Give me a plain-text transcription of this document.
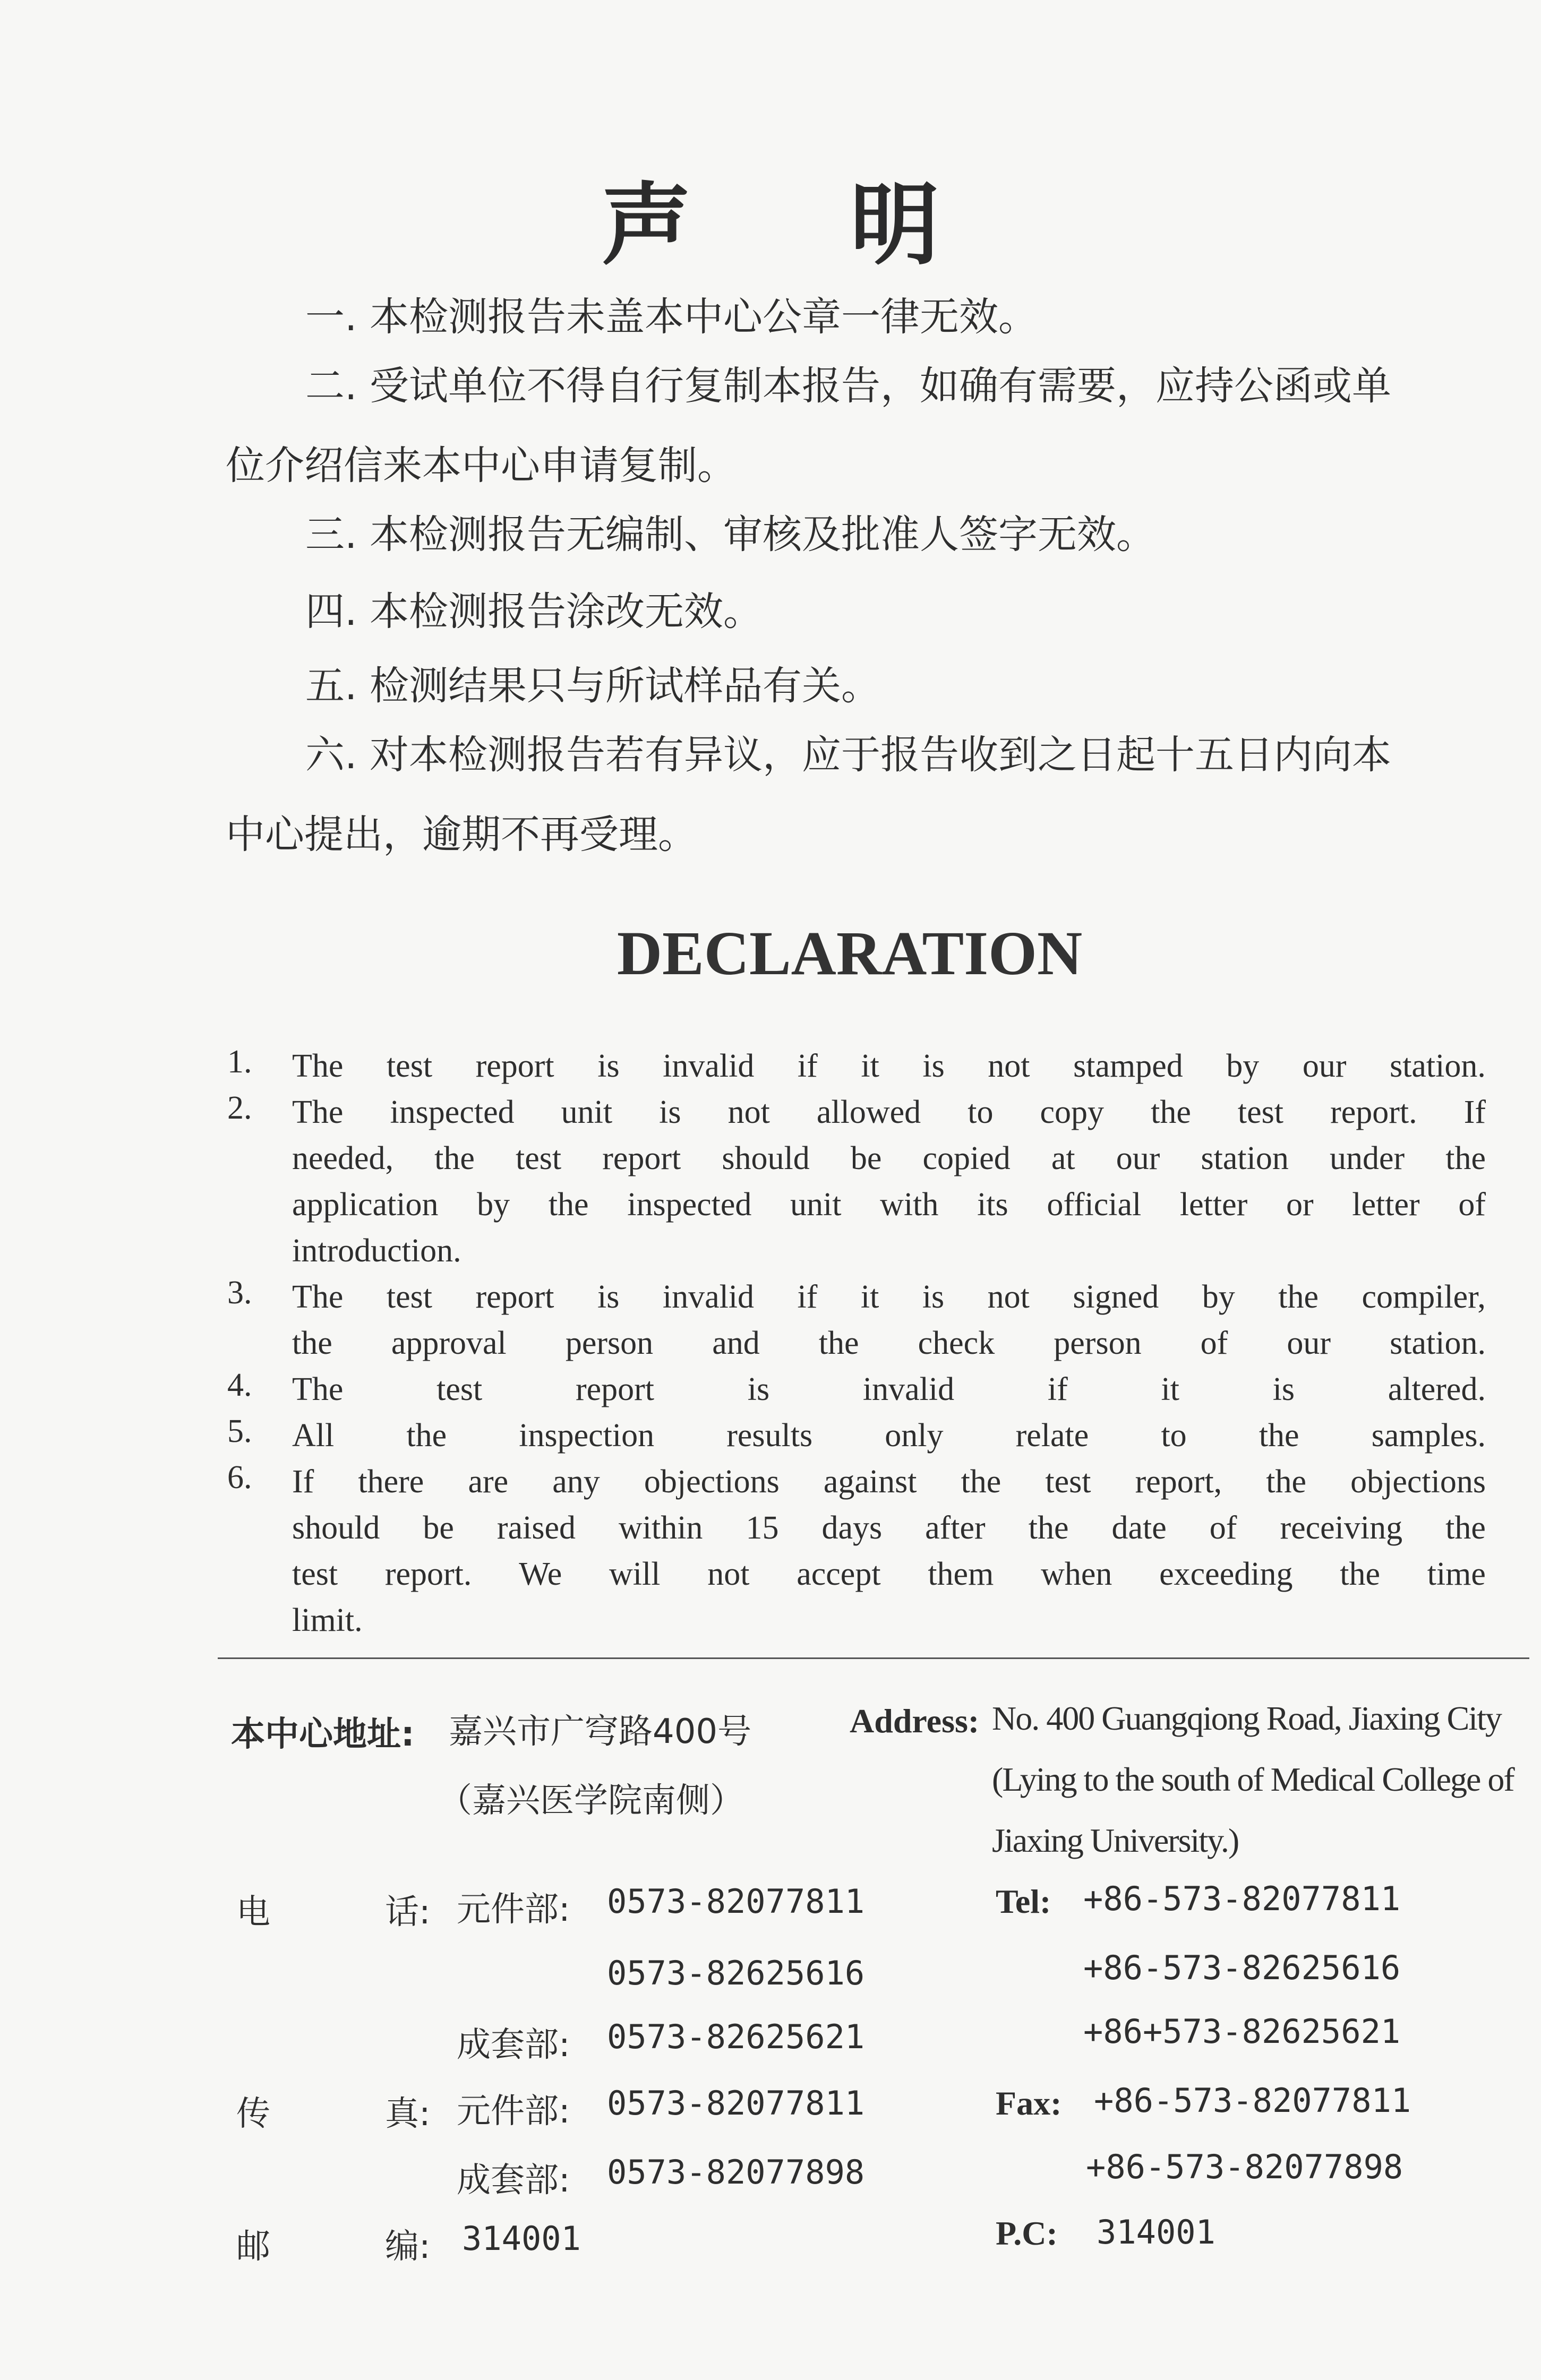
声 明
一. 本检测报告未盖本中心公章一律无效。
二. 受试单位不得自行复制本报告，如确有需要，应持公函或单
位介绍信来本中心申请复制。
三. 本检测报告无编制、审核及批准人签字无效。
四. 本检测报告涂改无效。
五. 检测结果只与所试样品有关。
六. 对本检测报告若有异议，应于报告收到之日起十五日内向本
中心提出，逾期不再受理。
DECLARATION
1. The test report is invalid if it is not stamped by our station.
2. The inspected unit is not allowed to copy the test report. If
needed, the test report should be copied at our station under the
application by the inspected unit with its official letter or letter of
introduction.
3. The test report is invalid if it is not signed by the compiler,
the approval person and the check person of our station.
4. The	test	report	is	invalid	if	it	is	altered.
5. All the inspection results only relate to the samples.
6. If there are any objections against the test report, the objections
should be raised within 15 days after the date of receiving the
test report. We will not accept them when exceeding the time
limit.
本中心地址: 嘉兴市广穹路400号
（嘉兴医学院南侧）
Address: No. 400 Guangqiong Road, Jiaxing City
(Lying to the south of Medical College of
Jiaxing University.)
电	话: 元件部: 0573-82077811
0573-82625616
成套部: 0573-82625621
Tel: +86-573-82077811
+86-573-82625616
+86+573-82625621
传	真: 元件部: 0573-82077811
成套部: 0573-82077898
Fax: +86-573-82077811
+86-573-82077898
邮	编: 314001	P.C: 314001
